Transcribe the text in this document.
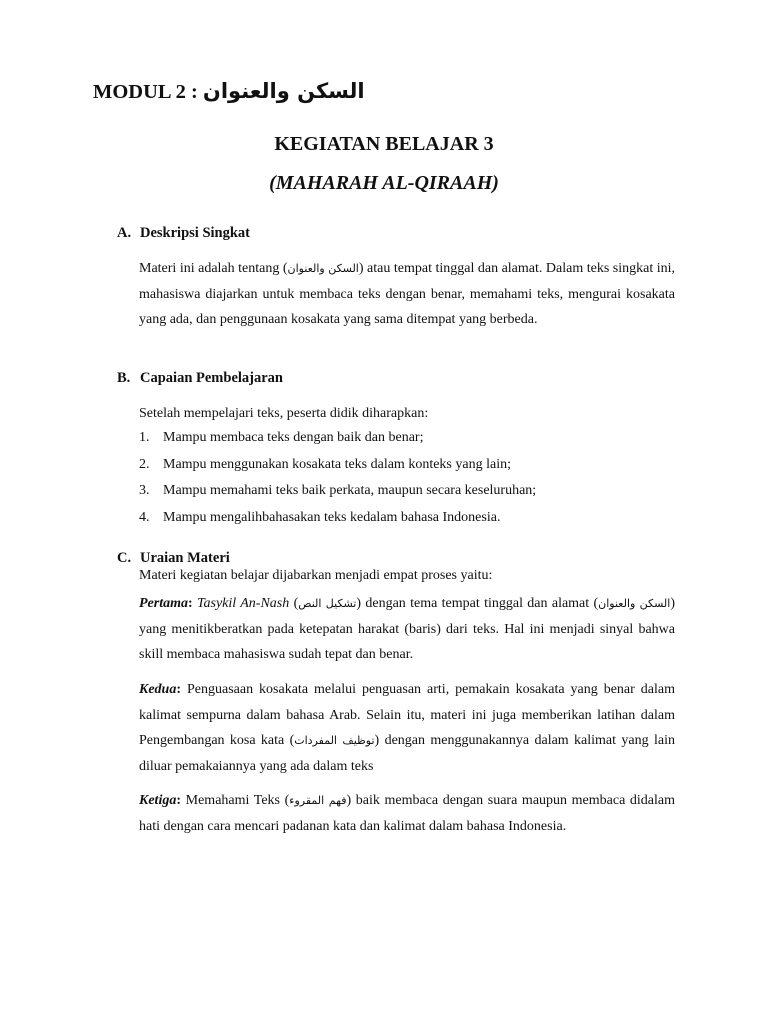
MODUL 2 : السكن والعنوان
KEGIATAN BELAJAR 3
(MAHARAH AL-QIRAAH)
A. Deskripsi Singkat

Materi ini adalah tentang (السكن والعنوان) atau tempat tinggal dan alamat. Dalam teks singkat ini, mahasiswa diajarkan untuk membaca teks dengan benar, memahami teks, mengurai kosakata yang ada, dan penggunaan kosakata yang sama ditempat yang berbeda.

B. Capaian Pembelajaran
Setelah mempelajari teks, peserta didik diharapkan:
1. Mampu membaca teks dengan baik dan benar;
2. Mampu menggunakan kosakata teks dalam konteks yang lain;
3. Mampu memahami teks baik perkata, maupun secara keseluruhan;
4. Mampu mengalihbahasakan teks kedalam bahasa Indonesia.
C. Uraian Materi
Materi kegiatan belajar dijabarkan menjadi empat proses yaitu:

Pertama: Tasykil An-Nash (تشكيل النص) dengan tema tempat tinggal dan alamat (السكن والعنوان) yang menitikberatkan pada ketepatan harakat (baris) dari teks. Hal ini menjadi sinyal bahwa skill membaca mahasiswa sudah tepat dan benar.

Kedua: Penguasaan kosakata melalui penguasan arti, pemakain kosakata yang benar dalam kalimat sempurna dalam bahasa Arab. Selain itu, materi ini juga memberikan latihan dalam Pengembangan kosa kata (توظيف المفردات) dengan menggunakannya dalam kalimat yang lain diluar pemakaiannya yang ada dalam teks

Ketiga: Memahami Teks (فهم المقروء) baik membaca dengan suara maupun membaca didalam hati dengan cara mencari padanan kata dan kalimat dalam bahasa Indonesia.
